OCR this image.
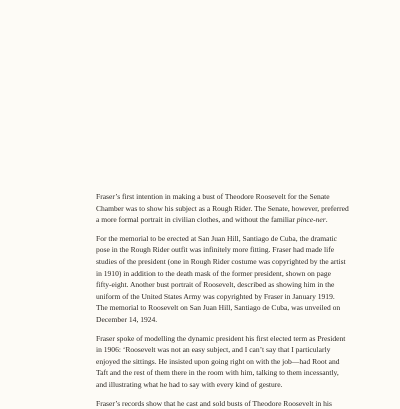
Fraser’s first intention in making a bust of Theodore Roosevelt for the Senate
Chamber was to show his subject as a Rough Rider. The Senate, however, preferred
a more formal portrait in civilian clothes, and without the familiar pince-ner.

For the memorial to be erected at San Juan Hill, Santiago de Cuba, the dramatic
pose in the Rough Rider outfit was infinitely more fitting. Fraser had made life
studies of the president (one in Rough Rider costume was copyrighted by the artist
in 1910) in addition to the death mask of the former president, shown on page
fifty-eight. Another bust portrait of Roosevelt, described as showing him in the
uniform of the United States Army was copyrighted by Fraser in January 1919.
The memorial to Roosevelt on San Juan Hill, Santiago de Cuba, was unveiled on
December 14, 1924.

Fraser spoke of modelling the dynamic president his first elected term as President
in 1906: ‘Roosevelt was not an easy subject, and I can’t say that I particularly
enjoyed the sittings. He insisted upon going right on with the job—had Root and
Taft and the rest of them there in the room with him, talking to them incessantly,
and illustrating what he had to say with every kind of gesture.

Fraser’s records show that he cast and sold busts of Theodore Roosevelt in his
